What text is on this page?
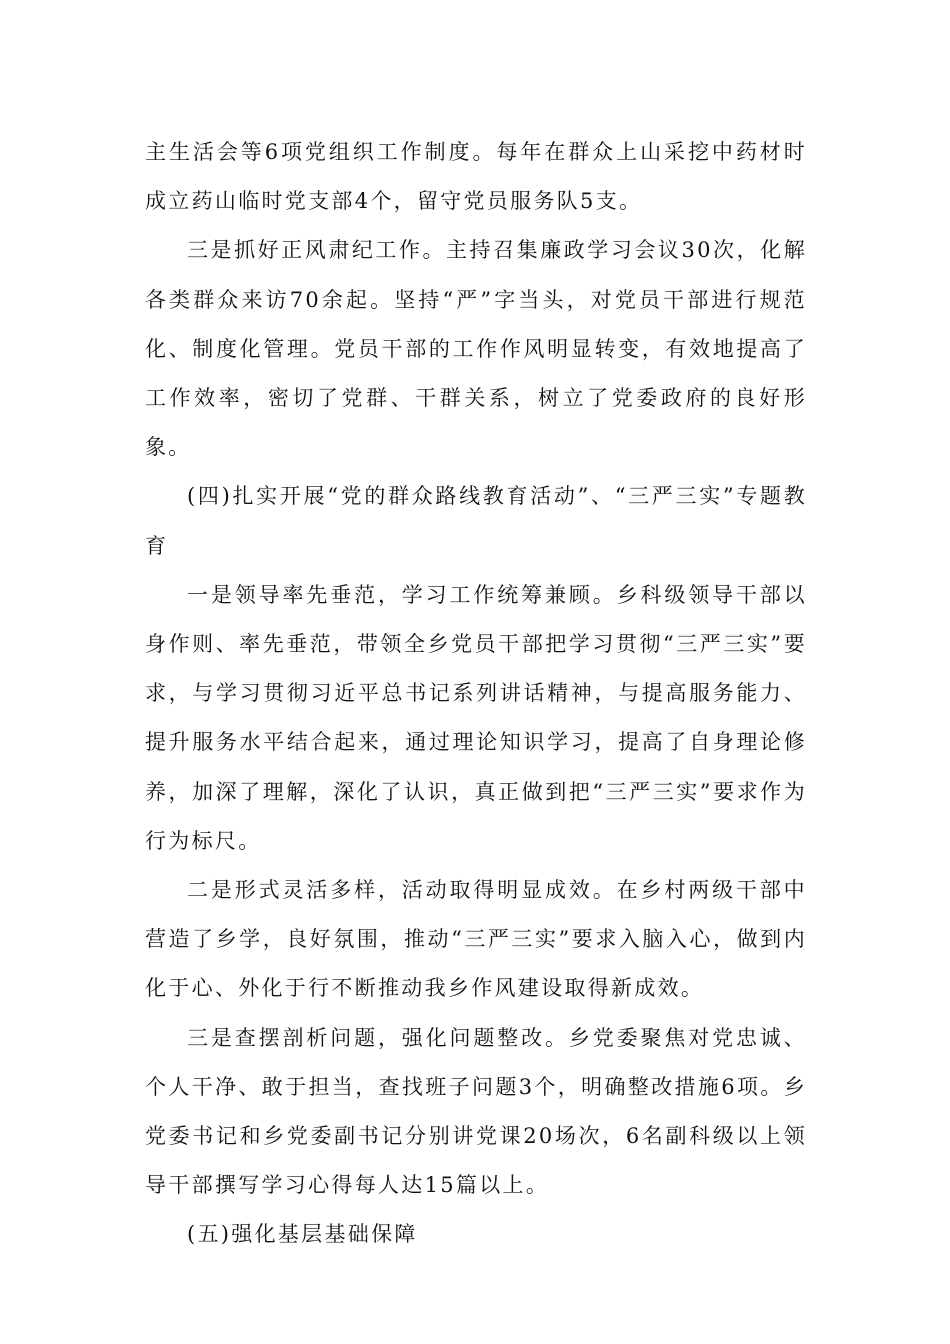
主生活会等6项党组织工作制度。每年在群众上山采挖中药材时成立药山临时党支部4个，留守党员服务队5支。

三是抓好正风肃纪工作。主持召集廉政学习会议30次，化解各类群众来访70余起。坚持“严”字当头，对党员干部进行规范化、制度化管理。党员干部的工作作风明显转变，有效地提高了工作效率，密切了党群、干群关系，树立了党委政府的良好形象。

(四)扎实开展“党的群众路线教育活动”、“三严三实”专题教育

一是领导率先垂范，学习工作统筹兼顾。乡科级领导干部以身作则、率先垂范，带领全乡党员干部把学习贯彻“三严三实”要求，与学习贯彻习近平总书记系列讲话精神，与提高服务能力、提升服务水平结合起来，通过理论知识学习，提高了自身理论修养，加深了理解，深化了认识，真正做到把“三严三实”要求作为行为标尺。

二是形式灵活多样，活动取得明显成效。在乡村两级干部中营造了乡学，良好氛围，推动“三严三实”要求入脑入心，做到内化于心、外化于行不断推动我乡作风建设取得新成效。

三是查摆剖析问题，强化问题整改。乡党委聚焦对党忠诚、个人干净、敢于担当，查找班子问题3个，明确整改措施6项。乡党委书记和乡党委副书记分别讲党课20场次，6名副科级以上领导干部撰写学习心得每人达15篇以上。

(五)强化基层基础保障
